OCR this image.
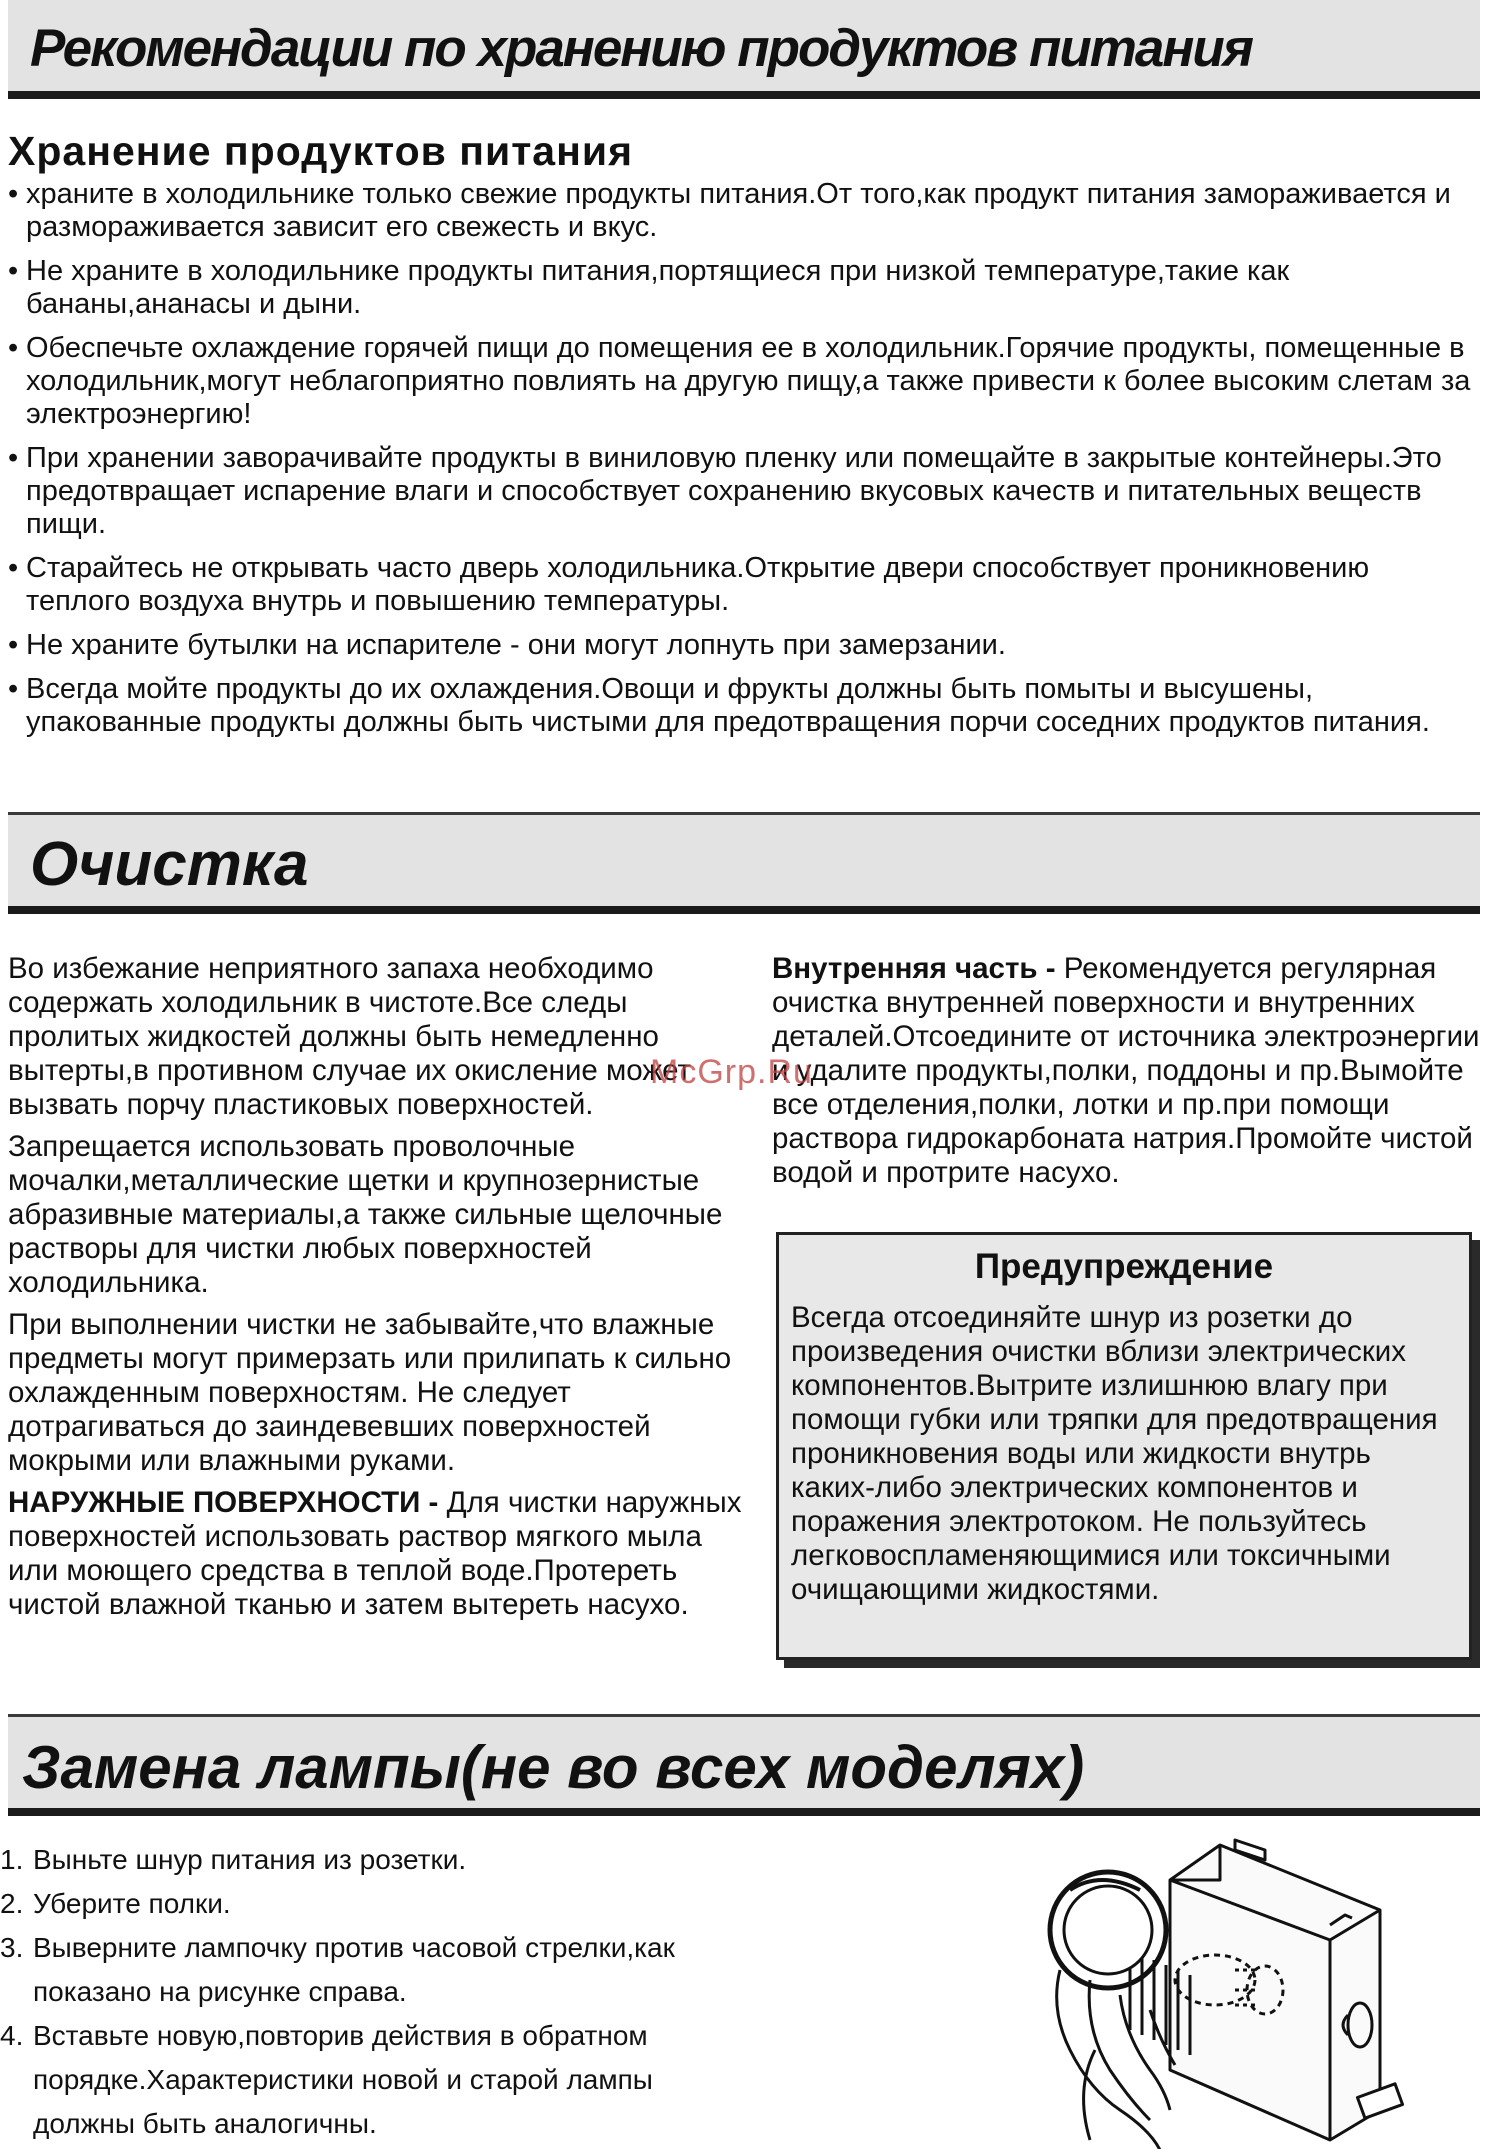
Рекомендации по хранению продуктов питания
Хранение продуктов питания
• храните в холодильнике только свежие продукты питания.От того,как продукт питания замораживается и размораживается зависит его свежесть и вкус.
• Не храните в холодильнике продукты питания,портящиеся при низкой температуре,такие как бананы,ананасы и дыни.
• Обеспечьте охлаждение горячей пищи до помещения ее в холодильник.Горячие продукты, помещенные в холодильник,могут неблагоприятно повлиять на другую пищу,а также привести к более высоким слетам за электроэнергию!
• При хранении заворачивайте продукты в виниловую пленку или помещайте в закрытые контейнеры.Это предотвращает испарение влаги и способствует сохранению вкусовых качеств и питательных веществ пищи.
• Старайтесь не открывать часто дверь холодильника.Открытие двери способствует проникновению теплого воздуха внутрь и повышению температуры.
• Не храните бутылки на испарителе - они могут лопнуть при замерзании.
• Всегда мойте продукты до их охлаждения.Овощи и фрукты должны быть помыты и высушены, упакованные продукты должны быть чистыми для предотвращения порчи соседних продуктов питания.
Очистка

Во избежание неприятного запаха необходимо содержать холодильник в чистоте.Все следы пролитых жидкостей должны быть немедленно вытерты,в противном случае их окисление может вызвать порчу пластиковых поверхностей.

Запрещается использовать проволочные мочалки,металлические щетки и крупнозернистые абразивные материалы,а также сильные щелочные растворы для чистки любых поверхностей холодильника.

При выполнении чистки не забывайте,что влажные предметы могут примерзать или прилипать к сильно охлажденным поверхностям. Не следует дотрагиваться до заиндевевших поверхностей мокрыми или влажными руками.

НАРУЖНЫЕ ПОВЕРХНОСТИ - Для чистки наружных поверхностей использовать раствор мягкого мыла или моющего средства в теплой воде.Протереть чистой влажной тканью и затем вытереть насухо.

Внутренняя часть - Рекомендуется регулярная очистка внутренней поверхности и внутренних деталей.Отсоедините от источника электроэнергии и удалите продукты,полки, поддоны и пр.Вымойте все отделения,полки, лотки и пр.при помощи раствора гидрокарбоната натрия.Промойте чистой водой и протрите насухо.

Предупреждение
Всегда отсоединяйте шнур из розетки до произведения очистки вблизи электрических компонентов.Вытрите излишнюю влагу при помощи губки или тряпки для предотвращения проникновения воды или жидкости внутрь каких-либо электрических компонентов и поражения электротоком. Не пользуйтесь легковоспламеняющимися или токсичными очищающими жидкостями.
McGrp.Ru
Замена лампы(не во всех моделях)
1. Выньте шнур питания из розетки.
2. Уберите полки.
3. Выверните лампочку против часовой стрелки,как показано на рисунке справа.
4. Вставьте новую,повторив действия в обратном порядке.Характеристики новой и старой лампы должны быть аналогичны.
